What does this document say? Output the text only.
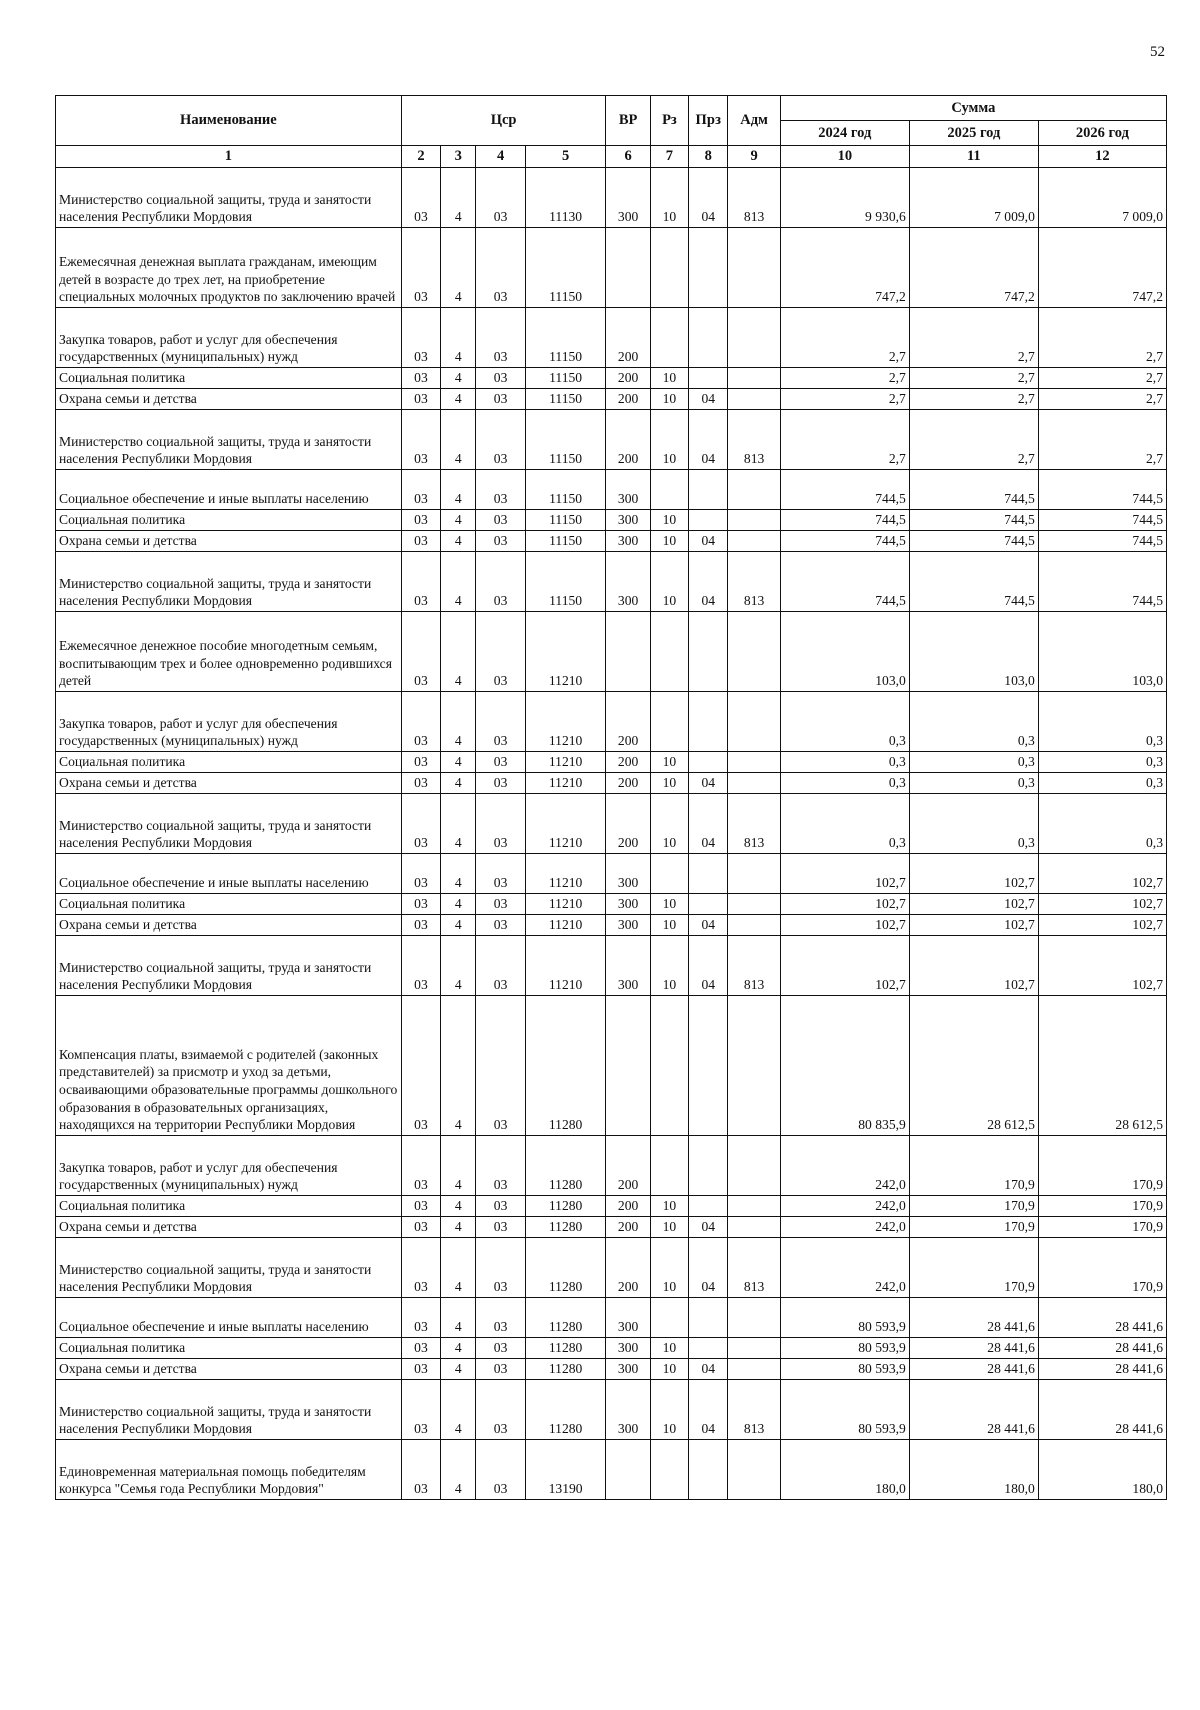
52
Наименование	Цср				ВР	Рз	Прз	Адм	Сумма		
									2024 год	2025 год	2026 год
1	2	3	4	5	6	7	8	9	10	11	12
Министерство социальной защиты, труда и занятости населения Республики Мордовия	03	4	03	11130	300	10	04	813	9 930,6	7 009,0	7 009,0
Ежемесячная денежная выплата гражданам, имеющим детей в возрасте до трех лет, на приобретение специальных молочных продуктов по заключению врачей	03	4	03	11150					747,2	747,2	747,2
Закупка товаров, работ и услуг для обеспечения государственных (муниципальных) нужд	03	4	03	11150	200				2,7	2,7	2,7
Социальная политика	03	4	03	11150	200	10			2,7	2,7	2,7
Охрана семьи и детства	03	4	03	11150	200	10	04		2,7	2,7	2,7
Министерство социальной защиты, труда и занятости населения Республики Мордовия	03	4	03	11150	200	10	04	813	2,7	2,7	2,7
Социальное обеспечение и иные выплаты населению	03	4	03	11150	300				744,5	744,5	744,5
Социальная политика	03	4	03	11150	300	10			744,5	744,5	744,5
Охрана семьи и детства	03	4	03	11150	300	10	04		744,5	744,5	744,5
Министерство социальной защиты, труда и занятости населения Республики Мордовия	03	4	03	11150	300	10	04	813	744,5	744,5	744,5
Ежемесячное денежное пособие многодетным семьям, воспитывающим трех и более одновременно родившихся детей	03	4	03	11210					103,0	103,0	103,0
Закупка товаров, работ и услуг для обеспечения государственных (муниципальных) нужд	03	4	03	11210	200				0,3	0,3	0,3
Социальная политика	03	4	03	11210	200	10			0,3	0,3	0,3
Охрана семьи и детства	03	4	03	11210	200	10	04		0,3	0,3	0,3
Министерство социальной защиты, труда и занятости населения Республики Мордовия	03	4	03	11210	200	10	04	813	0,3	0,3	0,3
Социальное обеспечение и иные выплаты населению	03	4	03	11210	300				102,7	102,7	102,7
Социальная политика	03	4	03	11210	300	10			102,7	102,7	102,7
Охрана семьи и детства	03	4	03	11210	300	10	04		102,7	102,7	102,7
Министерство социальной защиты, труда и занятости населения Республики Мордовия	03	4	03	11210	300	10	04	813	102,7	102,7	102,7
Компенсация платы, взимаемой с родителей (законных представителей) за присмотр и уход за детьми, осваивающими образовательные программы дошкольного образования в образовательных организациях, находящихся на территории Республики Мордовия	03	4	03	11280					80 835,9	28 612,5	28 612,5
Закупка товаров, работ и услуг для обеспечения государственных (муниципальных) нужд	03	4	03	11280	200				242,0	170,9	170,9
Социальная политика	03	4	03	11280	200	10			242,0	170,9	170,9
Охрана семьи и детства	03	4	03	11280	200	10	04		242,0	170,9	170,9
Министерство социальной защиты, труда и занятости населения Республики Мордовия	03	4	03	11280	200	10	04	813	242,0	170,9	170,9
Социальное обеспечение и иные выплаты населению	03	4	03	11280	300				80 593,9	28 441,6	28 441,6
Социальная политика	03	4	03	11280	300	10			80 593,9	28 441,6	28 441,6
Охрана семьи и детства	03	4	03	11280	300	10	04		80 593,9	28 441,6	28 441,6
Министерство социальной защиты, труда и занятости населения Республики Мордовия	03	4	03	11280	300	10	04	813	80 593,9	28 441,6	28 441,6
Единовременная материальная помощь победителям конкурса "Семья года Республики Мордовия"	03	4	03	13190					180,0	180,0	180,0
